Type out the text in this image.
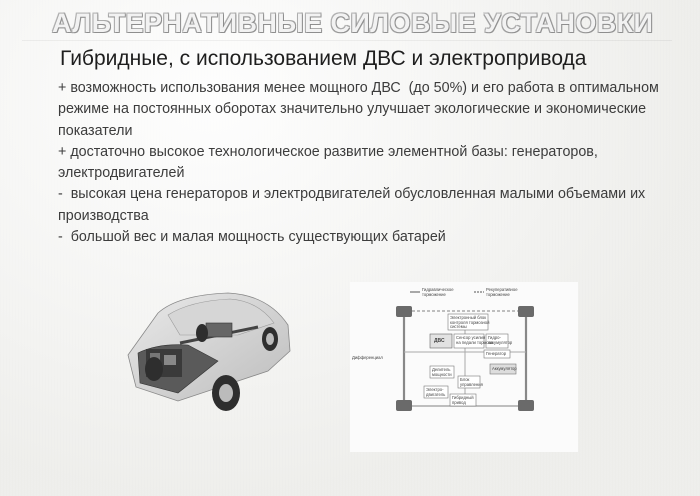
АЛЬТЕРНАТИВНЫЕ СИЛОВЫЕ УСТАНОВКИ
Гибридные, с использованием ДВС и электропривода
+ возможность использования менее мощного ДВС  (до 50%) и его работа в оптимальном режиме на постоянных оборотах значительно улучшает экологические и экономические показатели
+ достаточно высокое технологическое развитие элементной базы: генераторов, электродвигателей
-  высокая цена генераторов и электродвигателей обусловленная малыми объемами их производства
-  большой вес и малая мощность существующих батарей
Гидравлическое
торможение
Рекуперативное
торможение
Электронный блок
контроля тормозной
системы
ДВС
Сенсор усилия
на педали тормоза
Гидро-
аккумулятор
Дифференциал
Генератор
Аккумулятор
Делитель
мощности
Блок
управления
Электро-
двигатель
Гибридный
привод
